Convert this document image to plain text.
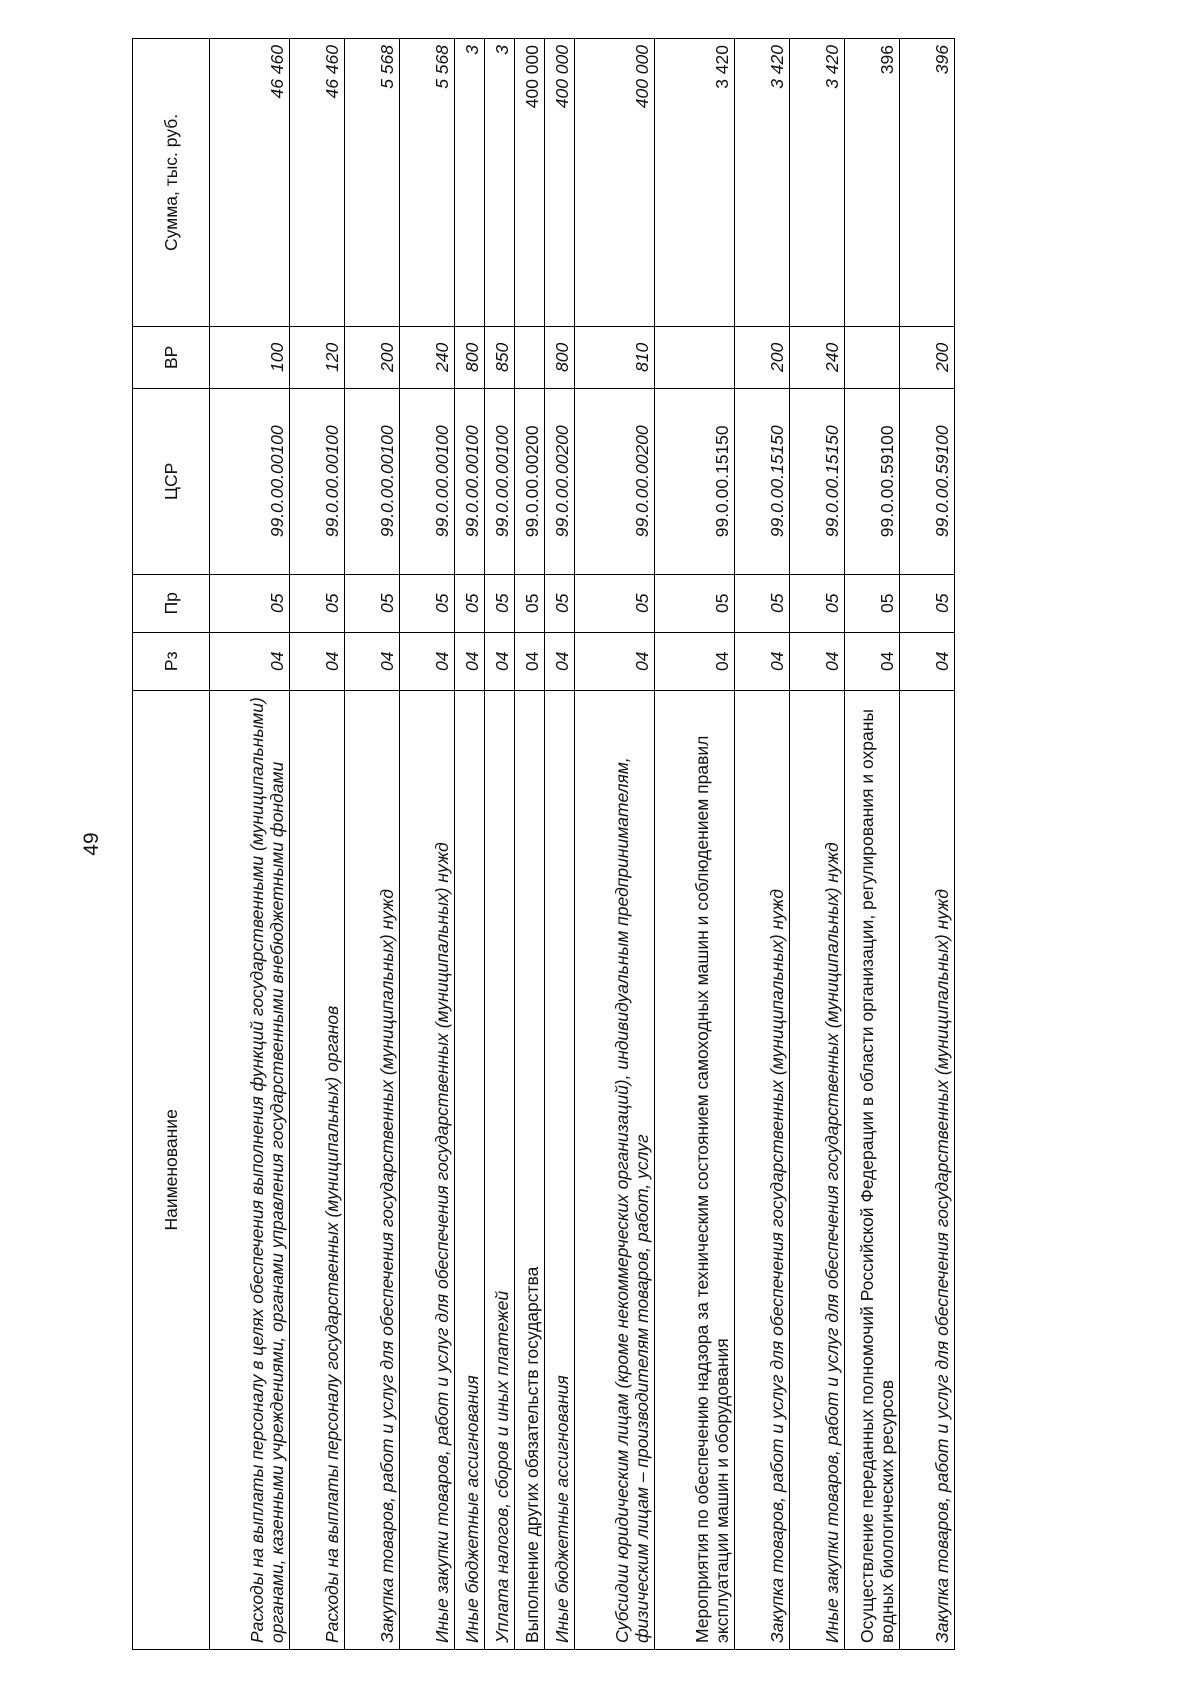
49
Наименование	Рз	Пр	ЦСР	ВР	Сумма, тыс. руб.
Расходы на выплаты персоналу в целях обеспечения выполнения функций государственными (муниципальными) органами, казенными учреждениями, органами управления государственными внебюджетными фондами	04	05	99.0.00.00100	100	46 460
Расходы на выплаты персоналу государственных (муниципальных) органов	04	05	99.0.00.00100	120	46 460
Закупка товаров, работ и услуг для обеспечения государственных (муниципальных) нужд	04	05	99.0.00.00100	200	5 568
Иные закупки товаров, работ и услуг для обеспечения государственных (муниципальных) нужд	04	05	99.0.00.00100	240	5 568
Иные бюджетные ассигнования	04	05	99.0.00.00100	800	3
Уплата налогов, сборов и иных платежей	04	05	99.0.00.00100	850	3
Выполнение других обязательств государства	04	05	99.0.00.00200		400 000
Иные бюджетные ассигнования	04	05	99.0.00.00200	800	400 000
Субсидии юридическим лицам (кроме некоммерческих организаций), индивидуальным предпринимателям, физическим лицам – производителям товаров, работ, услуг	04	05	99.0.00.00200	810	400 000
Мероприятия по обеспечению надзора за техническим состоянием самоходных машин и соблюдением правил эксплуатации машин и оборудования	04	05	99.0.00.15150		3 420
Закупка товаров, работ и услуг для обеспечения государственных (муниципальных) нужд	04	05	99.0.00.15150	200	3 420
Иные закупки товаров, работ и услуг для обеспечения государственных (муниципальных) нужд	04	05	99.0.00.15150	240	3 420
Осуществление переданных полномочий Российской Федерации в области организации, регулирования и охраны водных биологических ресурсов	04	05	99.0.00.59100		396
Закупка товаров, работ и услуг для обеспечения государственных (муниципальных) нужд	04	05	99.0.00.59100	200	396
